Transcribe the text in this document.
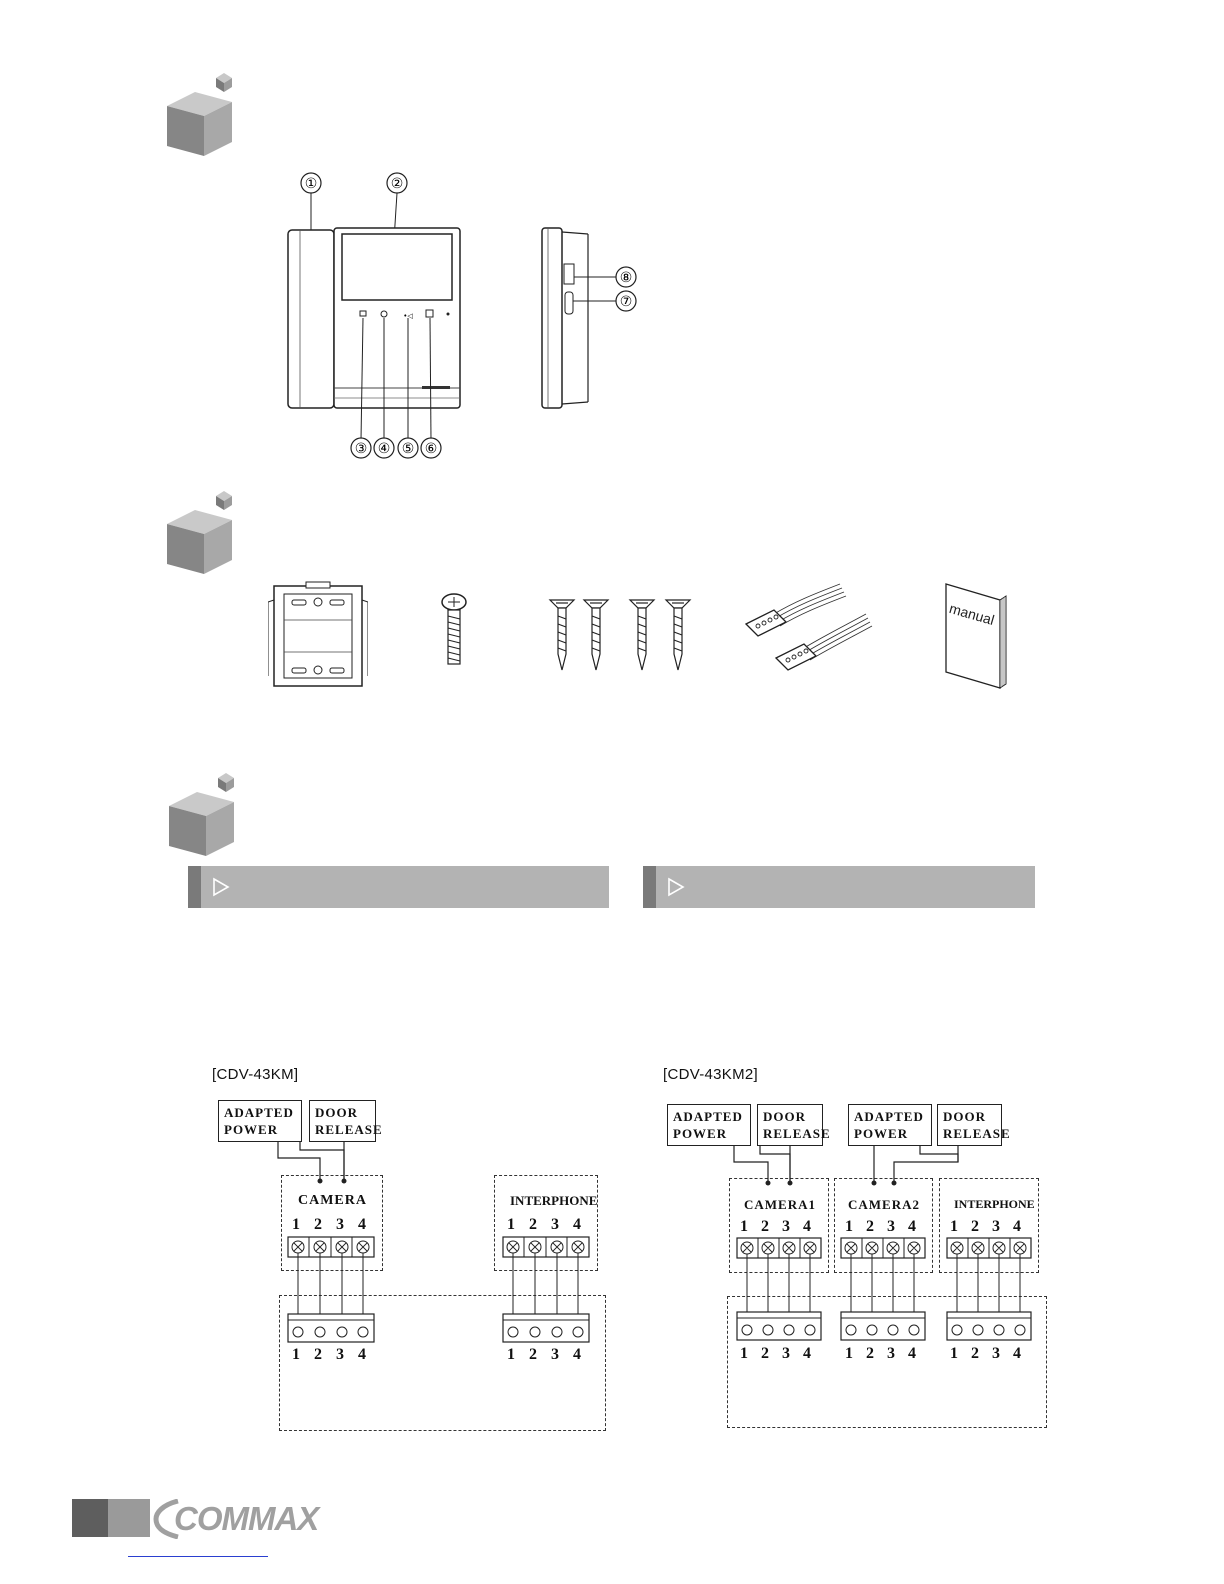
①	②
•◁
③ ④ ⑤ ⑥
⑧
⑦
manual
[CDV-43KM]
ADAPTED
POWER
DOOR
RELEASE
CAMERA	INTERPHONE
1 2 3 4	1 2 3 4
1 2 3 4	1 2 3 4
[CDV-43KM2]
ADAPTED
POWER
DOOR
RELEASE
ADAPTED
POWER
DOOR
RELEASE
CAMERA1 CAMERA2	INTERPHONE
1 2 3 4	1 2 3 4	1 2 3 4
1 2 3 4	1 2 3 4	1 2 3 4
COMMAX
